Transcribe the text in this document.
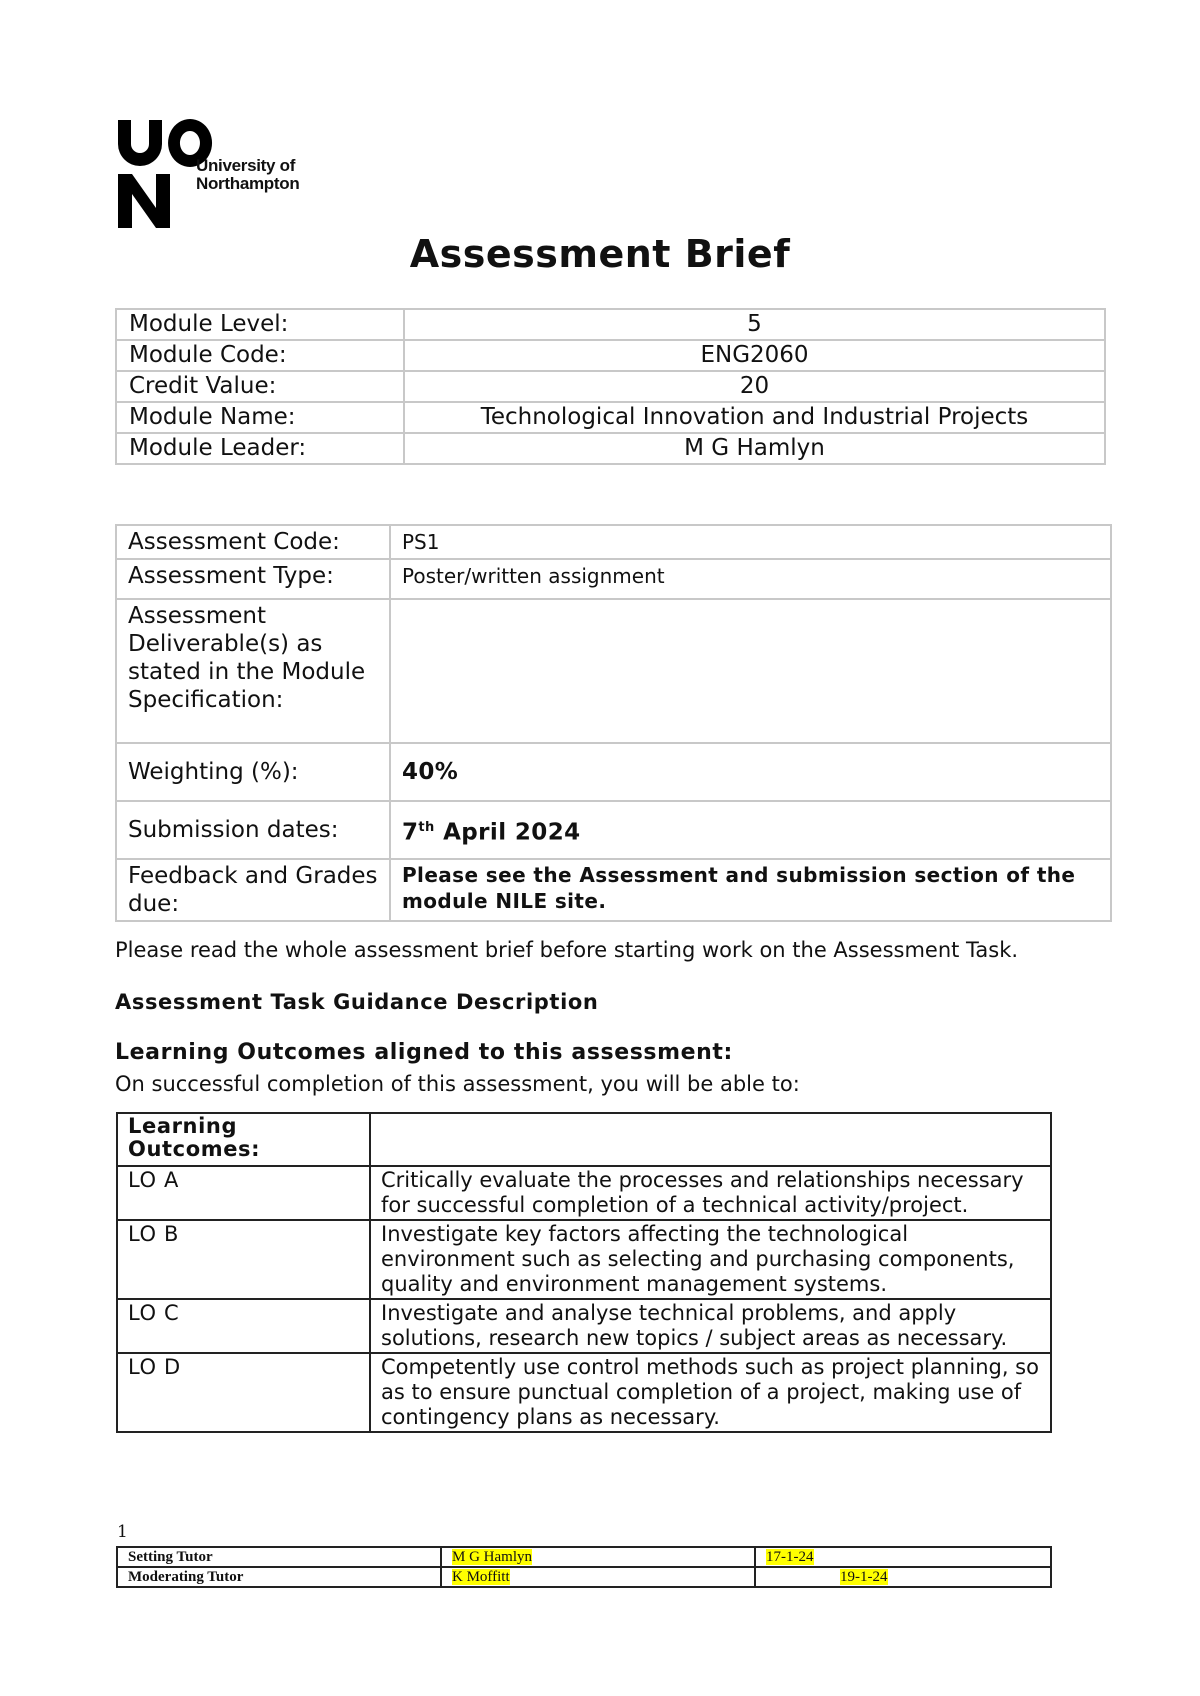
University of
Northampton
Assessment Brief
Module Level:	5
Module Code:	ENG2060
Credit Value:	20
Module Name:	Technological Innovation and Industrial Projects
Module Leader:	M G Hamlyn
Assessment Code:	PS1
Assessment Type:	Poster/written assignment
Assessment Deliverable(s) as stated in the Module Specification:	
Weighting (%):	40%
Submission dates:	7th April 2024
Feedback and Grades due:	Please see the Assessment and submission section of the module NILE site.

Please read the whole assessment brief before starting work on the Assessment Task.

Assessment Task Guidance Description

Learning Outcomes aligned to this assessment:

On successful completion of this assessment, you will be able to:

Learning Outcomes:	
LO A	Critically evaluate the processes and relationships necessary for successful completion of a technical activity/project.
LO B	Investigate key factors affecting the technological environment such as selecting and purchasing components, quality and environment management systems.
LO C	Investigate and analyse technical problems, and apply solutions, research new topics / subject areas as necessary.
LO D	Competently use control methods such as project planning, so as to ensure punctual completion of a project, making use of contingency plans as necessary.
1
Setting Tutor	M G Hamlyn	17-1-24
Moderating Tutor	K Moffitt	19-1-24
